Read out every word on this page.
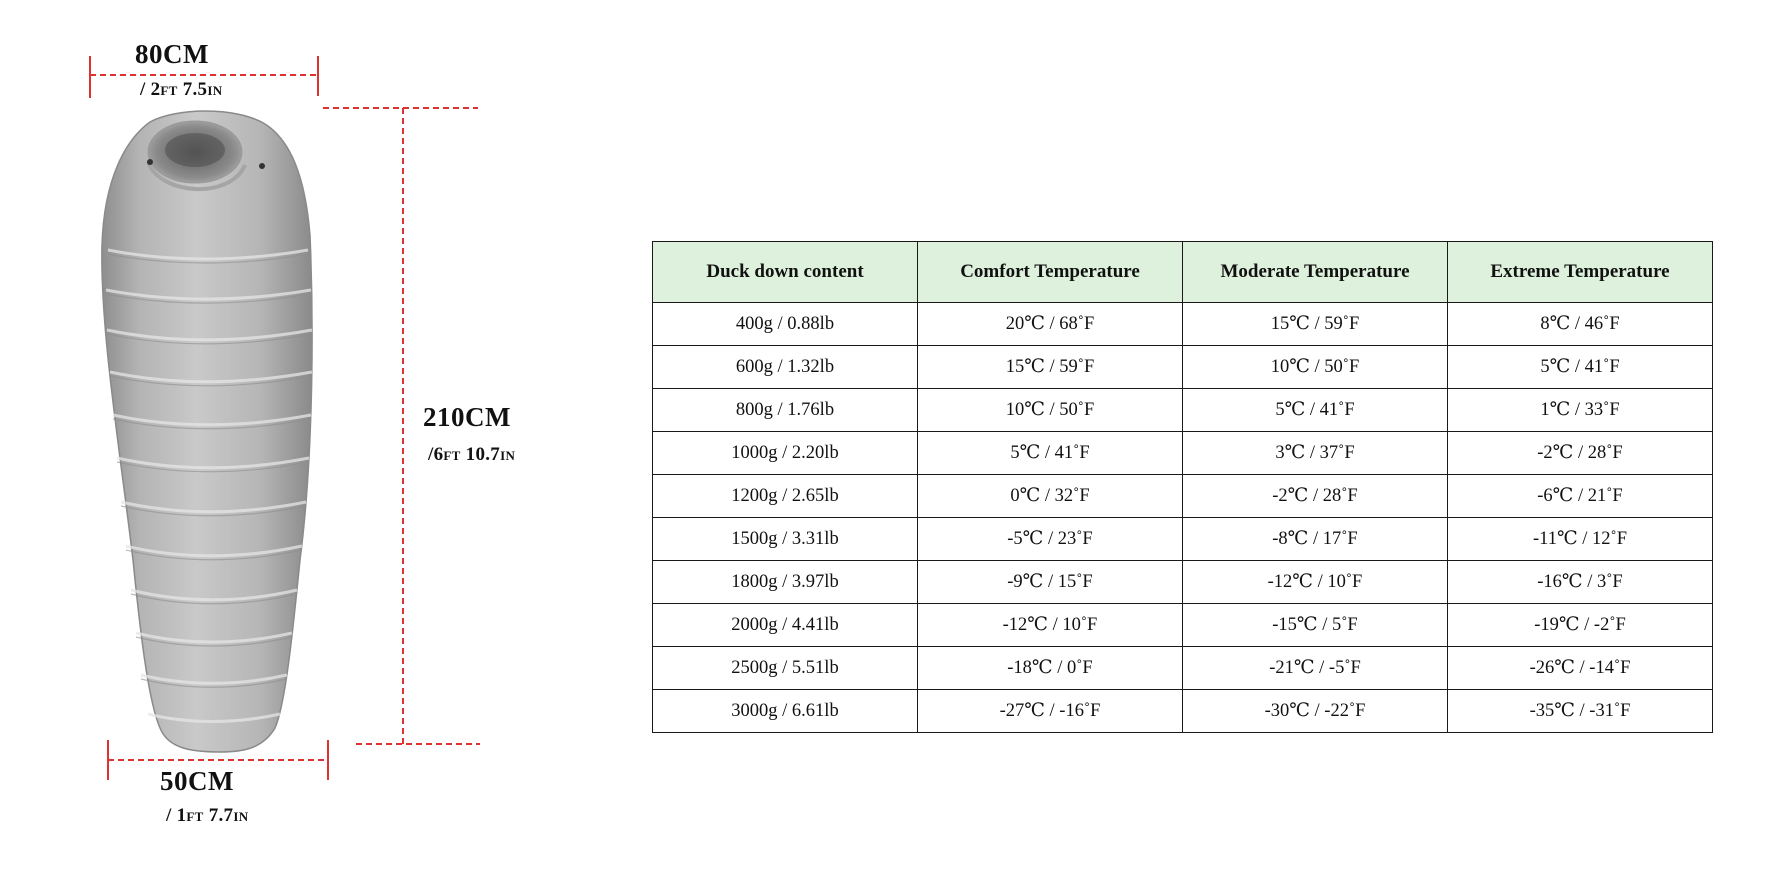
80CM
/ 2ft 7.5in
210CM
/6ft 10.7in
50CM
/ 1ft 7.7in
Duck down content	Comfort Temperature	Moderate Temperature	Extreme Temperature
400g / 0.88lb	20℃ / 68˚F	15℃ / 59˚F	8℃ / 46˚F
600g / 1.32lb	15℃ / 59˚F	10℃ / 50˚F	5℃ / 41˚F
800g / 1.76lb	10℃ / 50˚F	5℃ / 41˚F	1℃ / 33˚F
1000g / 2.20lb	5℃ / 41˚F	3℃ / 37˚F	-2℃ / 28˚F
1200g / 2.65lb	0℃ / 32˚F	-2℃ / 28˚F	-6℃ / 21˚F
1500g / 3.31lb	-5℃ / 23˚F	-8℃ / 17˚F	-11℃ / 12˚F
1800g / 3.97lb	-9℃ / 15˚F	-12℃ / 10˚F	-16℃ / 3˚F
2000g / 4.41lb	-12℃ / 10˚F	-15℃ / 5˚F	-19℃ / -2˚F
2500g / 5.51lb	-18℃ / 0˚F	-21℃ / -5˚F	-26℃ / -14˚F
3000g / 6.61lb	-27℃ / -16˚F	-30℃ / -22˚F	-35℃ / -31˚F
